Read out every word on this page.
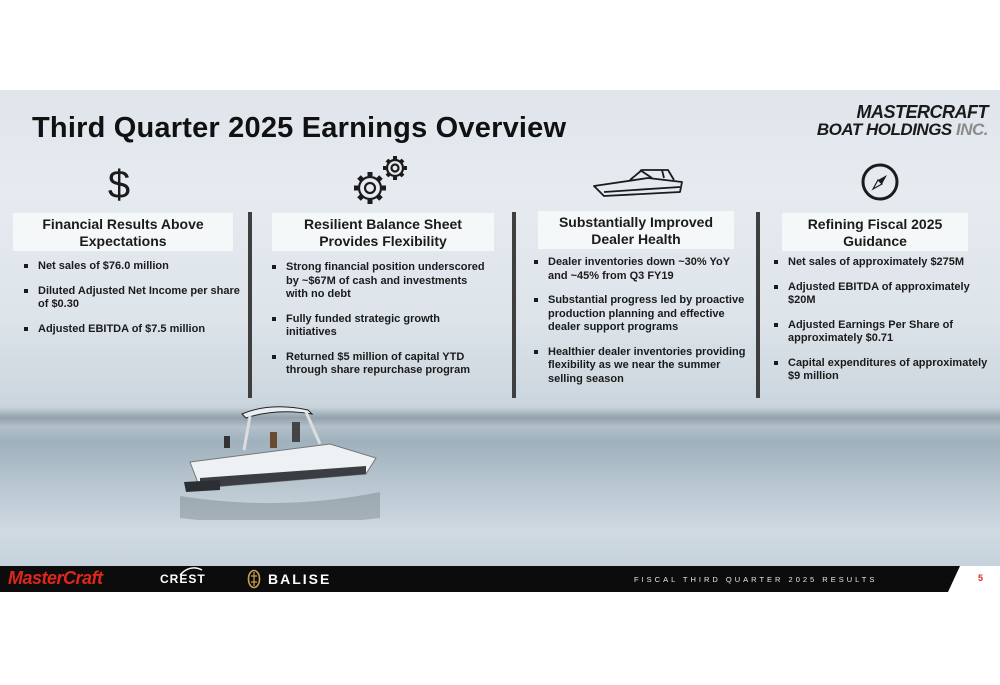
Third Quarter 2025 Earnings Overview	MASTERCRAFT
BOAT HOLDINGS INC.
$
Financial Results Above Expectations
Net sales of $76.0 million
Diluted Adjusted Net Income per share of $0.30
Adjusted EBITDA of $7.5 million
Resilient Balance Sheet Provides Flexibility
Strong financial position underscored by ~$67M of cash and investments with no debt
Fully funded strategic growth initiatives
Returned $5 million of capital YTD through share repurchase program
Substantially Improved Dealer Health
Dealer inventories down ~30% YoY and ~45% from Q3 FY19
Substantial progress led by proactive production planning and effective dealer support programs
Healthier dealer inventories providing flexibility as we near the summer selling season
Refining Fiscal 2025 Guidance
Net sales of approximately $275M
Adjusted EBITDA of approximately $20M
Adjusted Earnings Per Share of approximately $0.71
Capital expenditures of approximately $9 million
MasterCraft	CREST	BALISE	FISCAL THIRD QUARTER 2025 RESULTS	5
